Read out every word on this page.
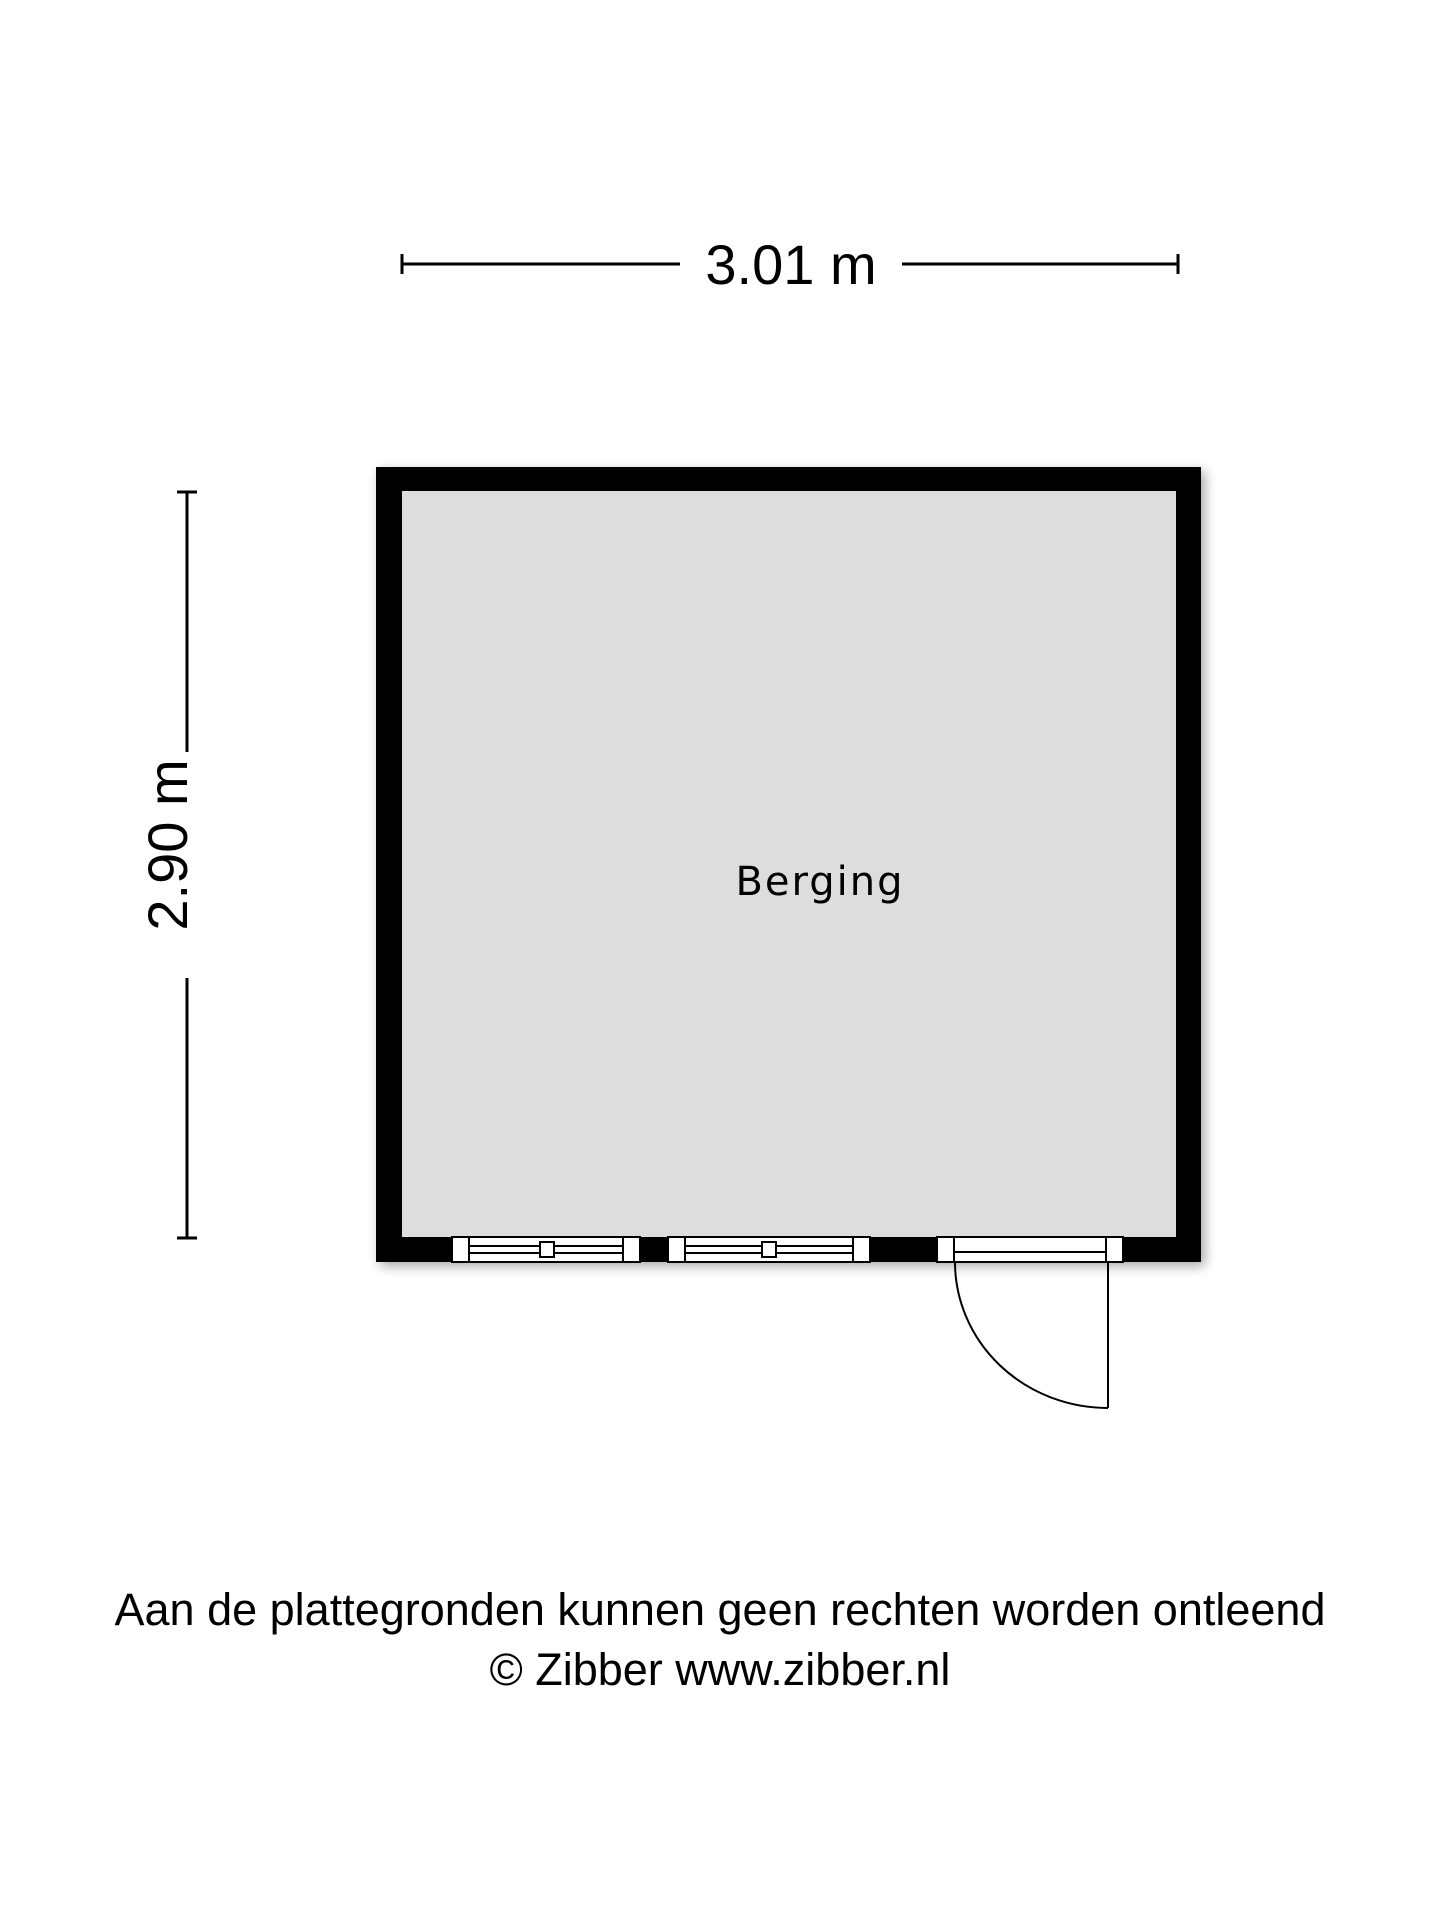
3.01 m
2.90 m	Berging
Aan de plattegronden kunnen geen rechten worden ontleend
© Zibber www.zibber.nl
